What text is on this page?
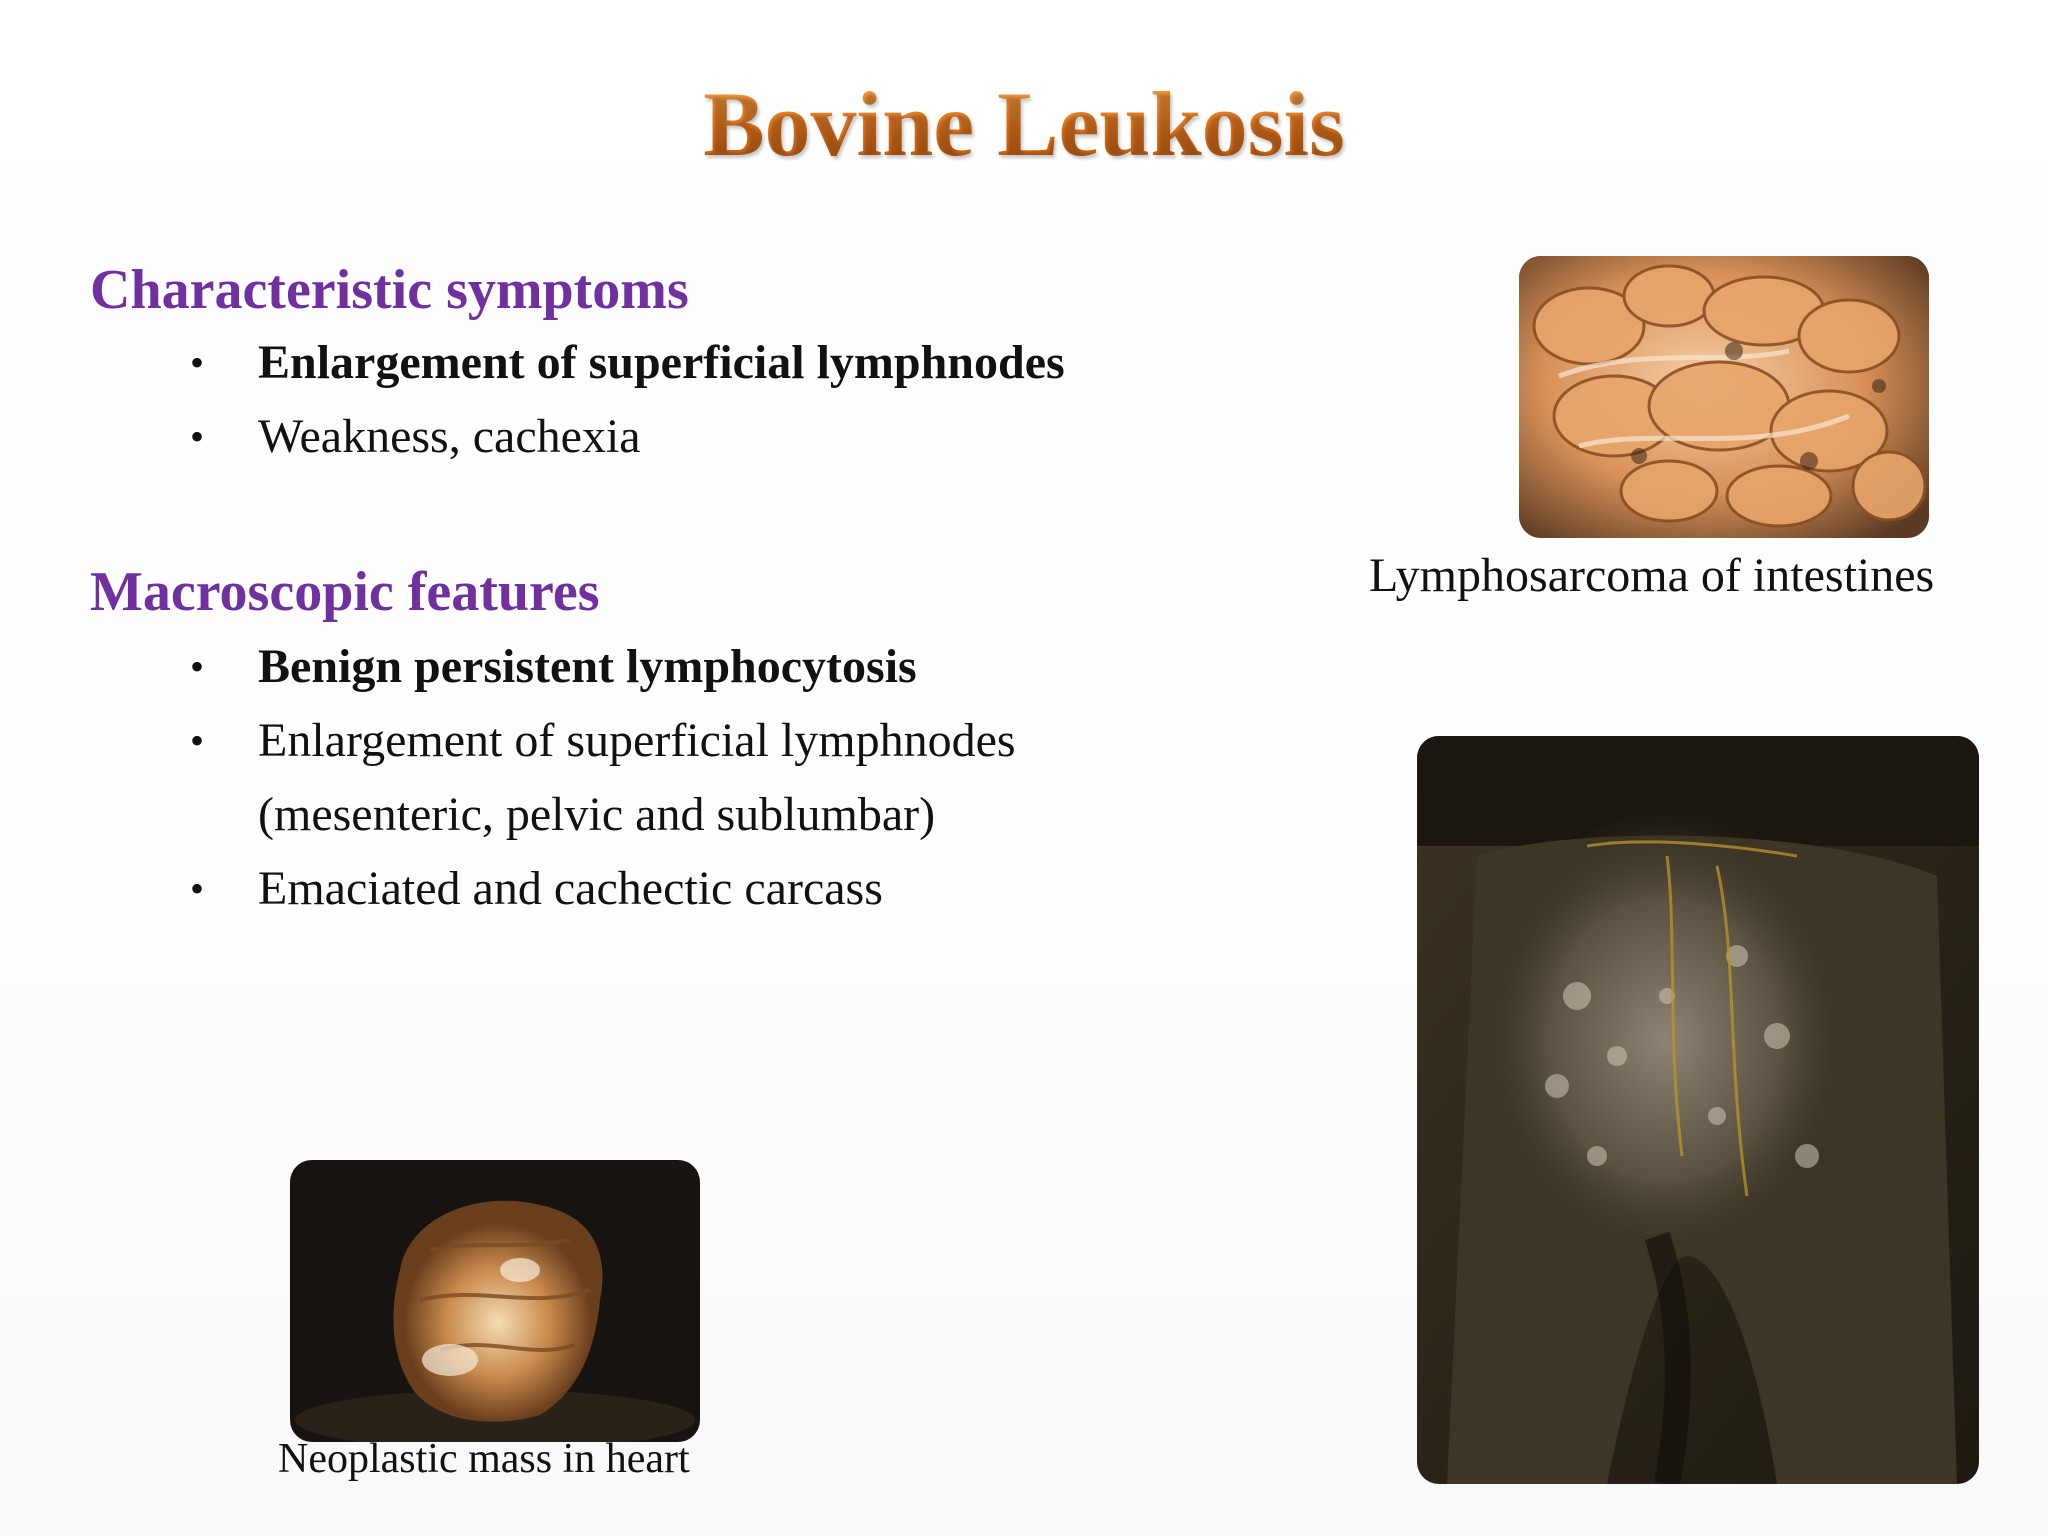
Bovine Leukosis
Characteristic symptoms
• Enlargement of superficial lymphnodes
• Weakness, cachexia
Macroscopic features
• Benign persistent lymphocytosis
• Enlargement of superficial lymphnodes
(mesenteric, pelvic and sublumbar)
• Emaciated and cachectic carcass
Lymphosarcoma of intestines
Neoplastic mass in heart
